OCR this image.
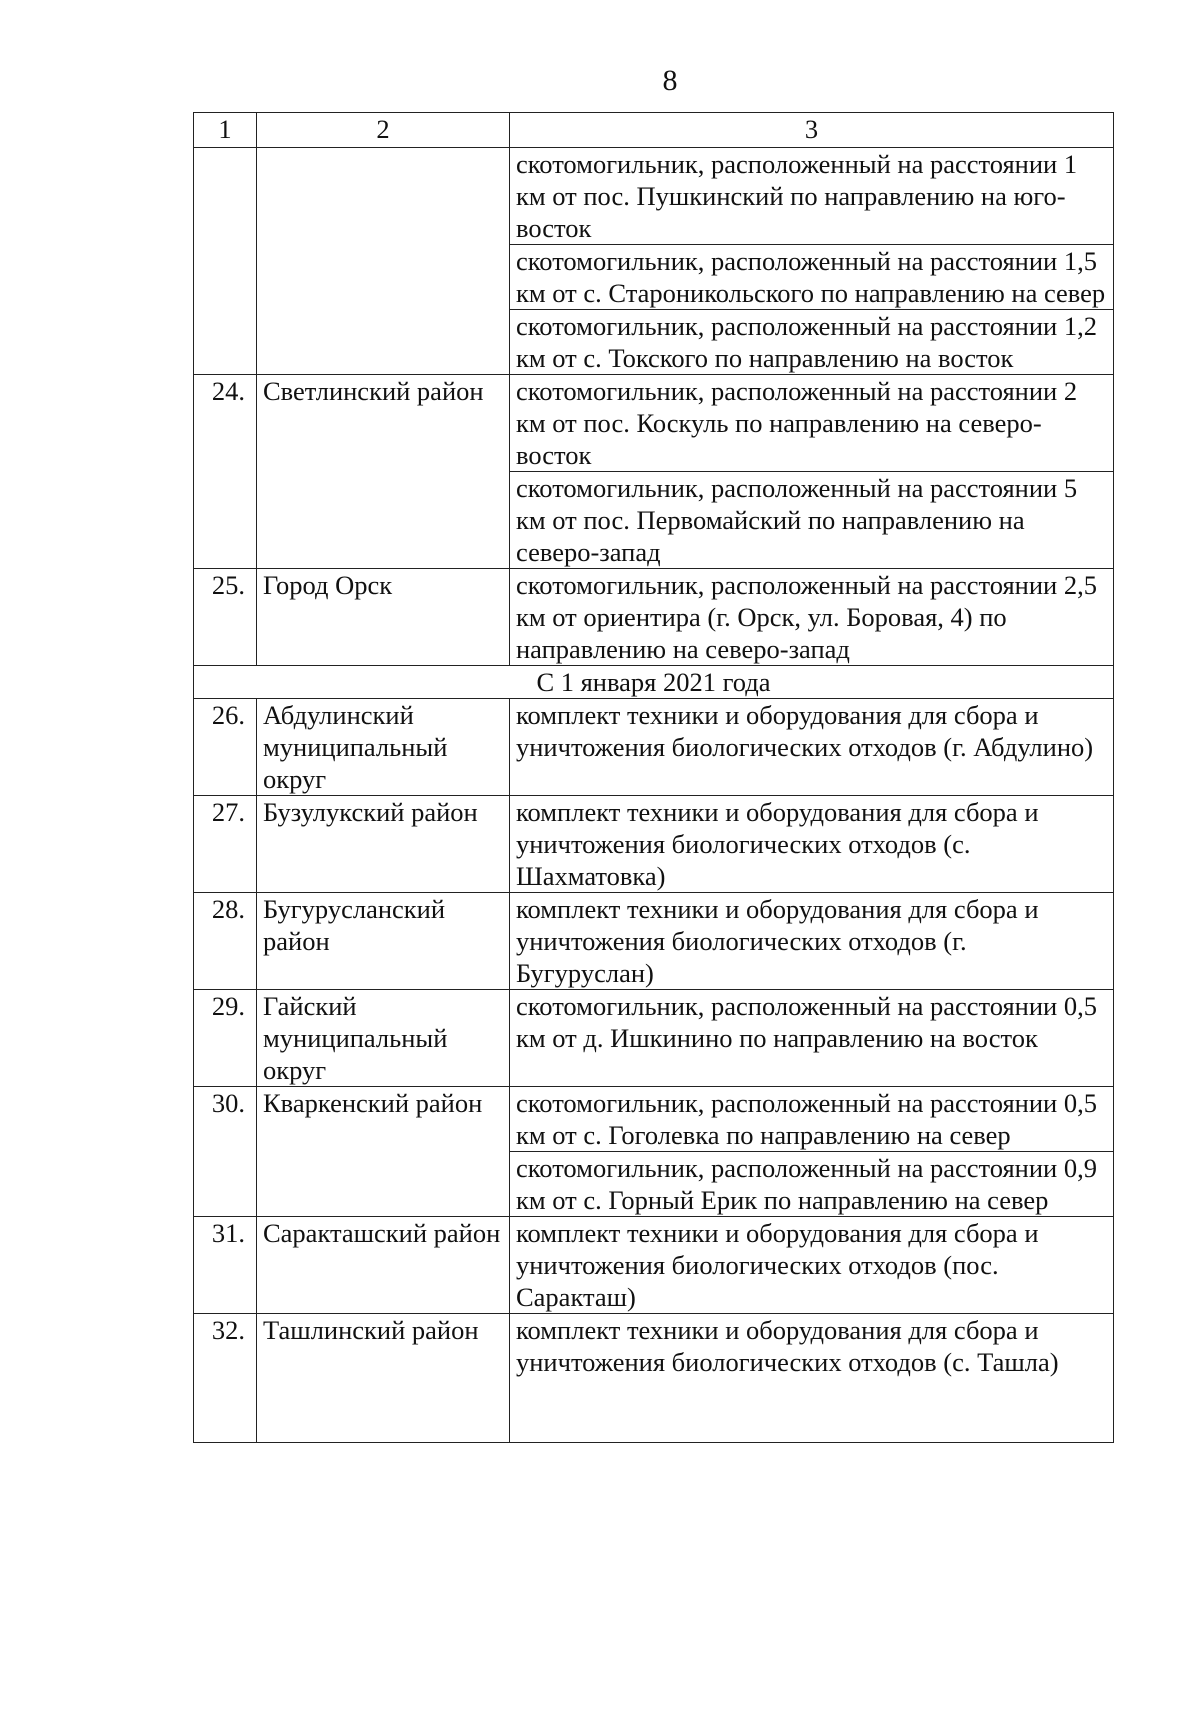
8
1	2	3
		скотомогильник, расположенный на расстоянии 1 км от пос. Пушкинский по направлению на юго-восток
		скотомогильник, расположенный на расстоянии 1,5 км от с. Староникольского по направлению на север
		скотомогильник, расположенный на расстоянии 1,2 км от с. Токского по направлению на восток
24.	Светлинский район	скотомогильник, расположенный на расстоянии 2 км от пос. Коскуль по направлению на северо-восток
		скотомогильник, расположенный на расстоянии 5 км от пос. Первомайский по направлению на северо-запад
25.	Город Орск	скотомогильник, расположенный на расстоянии 2,5 км от ориентира (г. Орск, ул. Боровая, 4) по направлению на северо-запад
С 1 января 2021 года		
26.	Абдулинский муниципальный округ	комплект техники и оборудования для сбора и уничтожения биологических отходов (г. Абдулино)
27.	Бузулукский район	комплект техники и оборудования для сбора и уничтожения биологических отходов (с. Шахматовка)
28.	Бугурусланский район	комплект техники и оборудования для сбора и уничтожения биологических отходов (г. Бугуруслан)
29.	Гайский муниципальный округ	скотомогильник, расположенный на расстоянии 0,5 км от д. Ишкинино по направлению на восток
30.	Кваркенский район	скотомогильник, расположенный на расстоянии 0,5 км от с. Гоголевка по направлению на север
		скотомогильник, расположенный на расстоянии 0,9 км от с. Горный Ерик по направлению на север
31.	Саракташский район	комплект техники и оборудования для сбора и уничтожения биологических отходов (пос. Саракташ)
32.	Ташлинский район	комплект техники и оборудования для сбора и уничтожения биологических отходов (с. Ташла)
